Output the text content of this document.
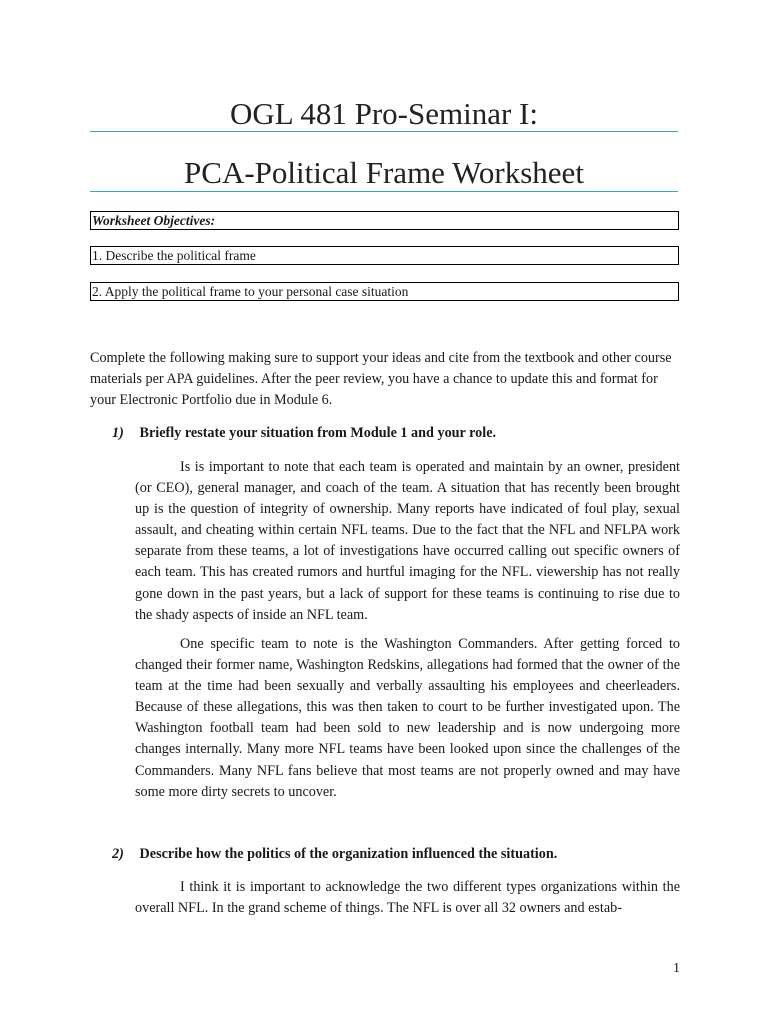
OGL 481 Pro-Seminar I:
PCA-Political Frame Worksheet
Worksheet Objectives:
1. Describe the political frame
2. Apply the political frame to your personal case situation

Complete the following making sure to support your ideas and cite from the textbook and other course materials per APA guidelines. After the peer review, you have a chance to update this and format for your Electronic Portfolio due in Module 6.

1) Briefly restate your situation from Module 1 and your role.

Is is important to note that each team is operated and maintain by an owner, president (or CEO), general manager, and coach of the team. A situation that has recently been brought up is the question of integrity of ownership. Many reports have indicated of foul play, sexual assault, and cheating within certain NFL teams. Due to the fact that the NFL and NFLPA work separate from these teams, a lot of investigations have occurred calling out specific owners of each team. This has created rumors and hurtful imaging for the NFL. viewership has not really gone down in the past years, but a lack of support for these teams is continuing to rise due to the shady aspects of inside an NFL team.

One specific team to note is the Washington Commanders. After getting forced to changed their former name, Washington Redskins, allegations had formed that the owner of the team at the time had been sexually and verbally assaulting his employees and cheerleaders. Because of these allegations, this was then taken to court to be further investigated upon. The Washington football team had been sold to new leadership and is now undergoing more changes internally. Many more NFL teams have been looked upon since the challenges of the Commanders. Many NFL fans believe that most teams are not properly owned and may have some more dirty secrets to uncover.

2) Describe how the politics of the organization influenced the situation.

I think it is important to acknowledge the two different types organizations within the overall NFL. In the grand scheme of things. The NFL is over all 32 owners and estab-

1
